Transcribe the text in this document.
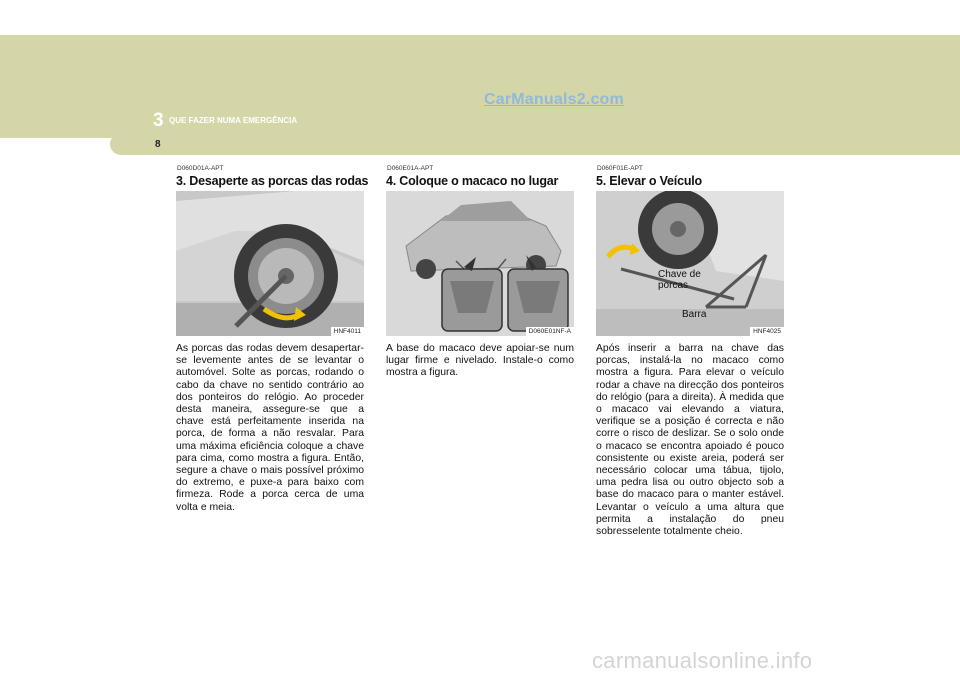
CarManuals2.com
3 QUE FAZER NUMA EMERGÊNCIA
8
D060D01A-APT
3. Desaperte as porcas das rodas
HNF4011

As porcas das rodas devem desapertar-se levemente antes de se levantar o automóvel. Solte as porcas, rodando o cabo da chave no sentido contrário ao dos ponteiros do relógio. Ao proceder desta maneira, assegure-se que a chave está perfeitamente inserida na porca, de forma a não resvalar. Para uma máxima eficiência coloque a chave para cima, como mostra a figura. Então, segure a chave o mais possível próximo do extremo, e puxe-a para baixo com firmeza. Rode a porca cerca de uma volta e meia.

D060E01A-APT
4. Coloque o macaco no lugar
D060E01NF-A

A base do macaco deve apoiar-se num lugar firme e nivelado. Instale-o como mostra a figura.

D060F01E-APT
5. Elevar o Veículo
Chave de
porcas
Barra
HNF4025

Após inserir a barra na chave das porcas, instalá-la no macaco como mostra a figura. Para elevar o veículo rodar a chave na direcção dos ponteiros do relógio (para a direita). À medida que o macaco vai elevando a viatura, verifique se a posição é correcta e não corre o risco de deslizar. Se o solo onde o macaco se encontra apoiado é pouco consistente ou existe areia, poderá ser necessário colocar uma tábua, tijolo, uma pedra lisa ou outro objecto sob a base do macaco para o manter estável. Levantar o veículo a uma altura que permita a instalação do pneu sobresselente totalmente cheio.

carmanualsonline.info
